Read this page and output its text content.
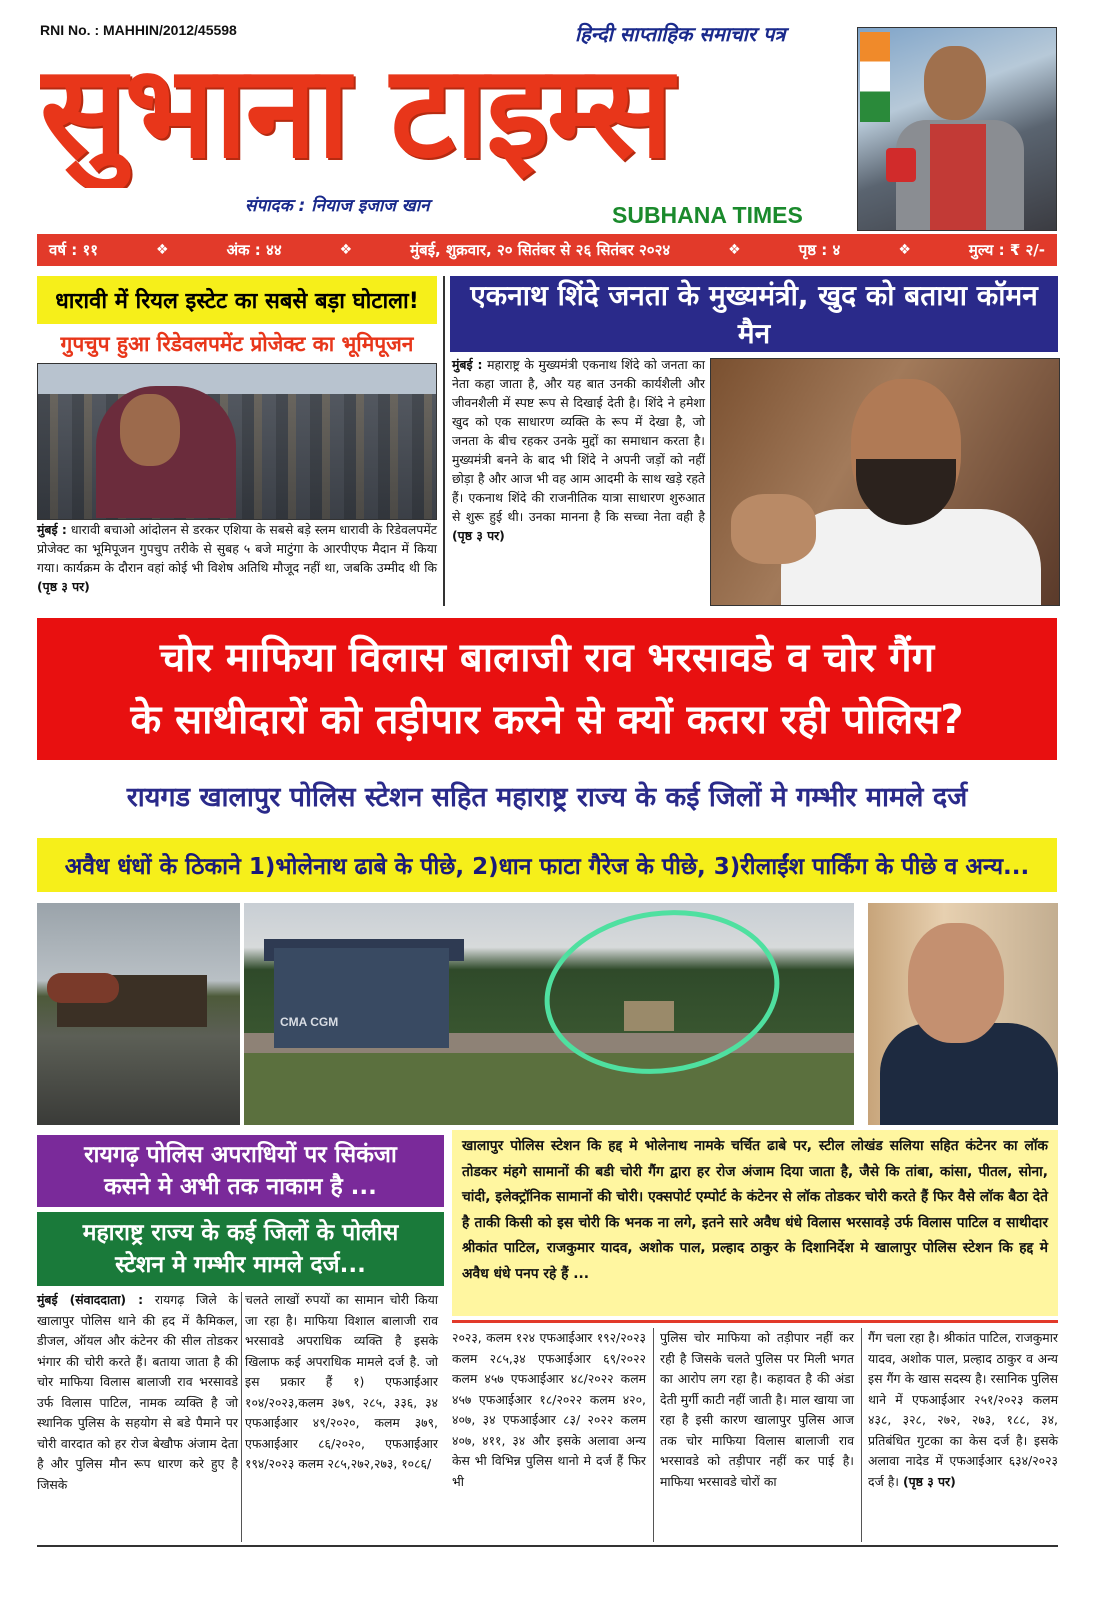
RNI No. : MAHHIN/2012/45598	हिन्दी साप्ताहिक समाचार पत्र
सुभाना टाइम्स
संपादक : नियाज इजाज खान	SUBHANA TIMES
वर्ष : ११	❖	अंक : ४४	❖	मुंबई, शुक्रवार, २० सितंबर से २६ सितंबर २०२४	❖	पृष्ठ : ४	❖	मुल्य : ₹ २/-
धारावी में रियल इस्टेट का सबसे बड़ा घोटाला!
गुपचुप हुआ रिडेवलपमेंट प्रोजेक्ट का भूमिपूजन
मुंबई : धारावी बचाओ आंदोलन से डरकर एशिया के सबसे बड़े स्लम धारावी के रिडेवलपमेंट प्रोजेक्ट का भूमिपूजन गुपचुप तरीके से सुबह ५ बजे माटुंगा के आरपीएफ मैदान में किया गया। कार्यक्रम के दौरान वहां कोई भी विशेष अतिथि मौजूद नहीं था, जबकि उम्मीद थी कि (पृष्ठ ३ पर)
एकनाथ शिंदे जनता के मुख्यमंत्री, खुद को बताया कॉमन मैन
मुंबई : महाराष्ट्र के मुख्यमंत्री एकनाथ शिंदे को जनता का नेता कहा जाता है, और यह बात उनकी कार्यशैली और जीवनशैली में स्पष्ट रूप से दिखाई देती है। शिंदे ने हमेशा खुद को एक साधारण व्यक्ति के रूप में देखा है, जो जनता के बीच रहकर उनके मुद्दों का समाधान करता है। मुख्यमंत्री बनने के बाद भी शिंदे ने अपनी जड़ों को नहीं छोड़ा है और आज भी वह आम आदमी के साथ खड़े रहते हैं। एकनाथ शिंदे की राजनीतिक यात्रा साधारण शुरुआत से शुरू हुई थी। उनका मानना है कि सच्चा नेता वही है (पृष्ठ ३ पर)
चोर माफिया विलास बालाजी राव भरसावडे व चोर गैंग
के साथीदारों को तड़ीपार करने से क्यों कतरा रही पोलिस?
रायगड खालापुर पोलिस स्टेशन सहित महाराष्ट्र राज्य के कई जिलों मे गम्भीर मामले दर्ज
अवैध धंधों के ठिकाने 1)भोलेनाथ ढाबे के पीछे, 2)धान फाटा गैरेज के पीछे, 3)रीलाईंश पार्किंग के पीछे व अन्य...
CMA CGM
रायगढ़ पोलिस अपराधियों पर सिकंजा
कसने मे अभी तक नाकाम है ...
महाराष्ट्र राज्य के कई जिलों के पोलीस
स्टेशन मे गम्भीर मामले दर्ज...
खालापुर पोलिस स्टेशन कि हद्द मे भोलेनाथ नामके चर्चित ढाबे पर, स्टील लोखंड सलिया सहित कंटेनर का लॉक तोडकर मंहगे सामानों की बडी चोरी गैंग द्वारा हर रोज अंजाम दिया जाता है, जैसे कि तांबा, कांसा, पीतल, सोना, चांदी, इलेक्ट्रॉनिक सामानों की चोरी। एक्सपोर्ट एम्पोर्ट के कंटेनर से लॉक तोडकर चोरी करते हैं फिर वैसे लॉक बैठा देते है ताकी किसी को इस चोरी कि भनक ना लगे, इतने सारे अवैध धंधे विलास भरसावड़े उर्फ विलास पाटिल व साथीदार श्रीकांत पाटिल, राजकुमार यादव, अशोक पाल, प्रल्हाद ठाकुर के दिशानिर्देश मे खालापुर पोलिस स्टेशन कि हद्द मे अवैध धंधे पनप रहे हैं ...
मुंबई (संवाददाता) : रायगढ़ जिले के खालापुर पोलिस थाने की हद में कैमिकल, डीजल, ऑयल और कंटेनर की सील तोडकर भंगार की चोरी करते हैं। बताया जाता है की चोर माफिया विलास बालाजी राव भरसावडे उर्फ विलास पाटिल, नामक व्यक्ति है जो स्थानिक पुलिस के सहयोग से बडे पैमाने पर चोरी वारदात को हर रोज बेखौफ अंजाम देता है और पुलिस मौन रूप धारण करे हुए है जिसके
चलते लाखों रुपयों का सामान चोरी किया जा रहा है। माफिया विशाल बालाजी राव भरसावडे अपराधिक व्यक्ति है इसके खिलाफ कई अपराधिक मामले दर्ज है. जो इस प्रकार हैं १) एफआईआर १०४/२०२३,कलम ३७९, २८५, ३३६, ३४ एफआईआर ४९/२०२०, कलम ३७९, एफआईआर ८६/२०२०, एफआईआर १९४/२०२३ कलम २८५,२७२,२७३, १०८६/
२०२३, कलम १२४ एफआईआर १९२/२०२३ कलम २८५,३४ एफआईआर ६९/२०२२ कलम ४५७ एफआईआर ४८/२०२२ कलम ४५७ एफआईआर १८/२०२२ कलम ४२०, ४०७, ३४ एफआईआर ८३/ २०२२ कलम ४०७, ४११, ३४ और इसके अलावा अन्य केस भी विभिन्न पुलिस थानो मे दर्ज हैं फिर भी
पुलिस चोर माफिया को तड़ीपार नहीं कर रही है जिसके चलते पुलिस पर मिली भगत का आरोप लग रहा है। कहावत है की अंडा देती मुर्गी काटी नहीं जाती है। माल खाया जा रहा है इसी कारण खालापुर पुलिस आज तक चोर माफिया विलास बालाजी राव भरसावडे को तड़ीपार नहीं कर पाई है। माफिया भरसावडे चोरों का
गैंग चला रहा है। श्रीकांत पाटिल, राजकुमार यादव, अशोक पाल, प्रल्हाद ठाकुर व अन्य इस गैंग के खास सदस्य है। रसानिक पुलिस थाने में एफआईआर २५१/२०२३ कलम ४३८, ३२८, २७२, २७३, १८८, ३४, प्रतिबंधित गुटका का केस दर्ज है। इसके अलावा नादेड में एफआईआर ६३४/२०२३ दर्ज है। (पृष्ठ ३ पर)
